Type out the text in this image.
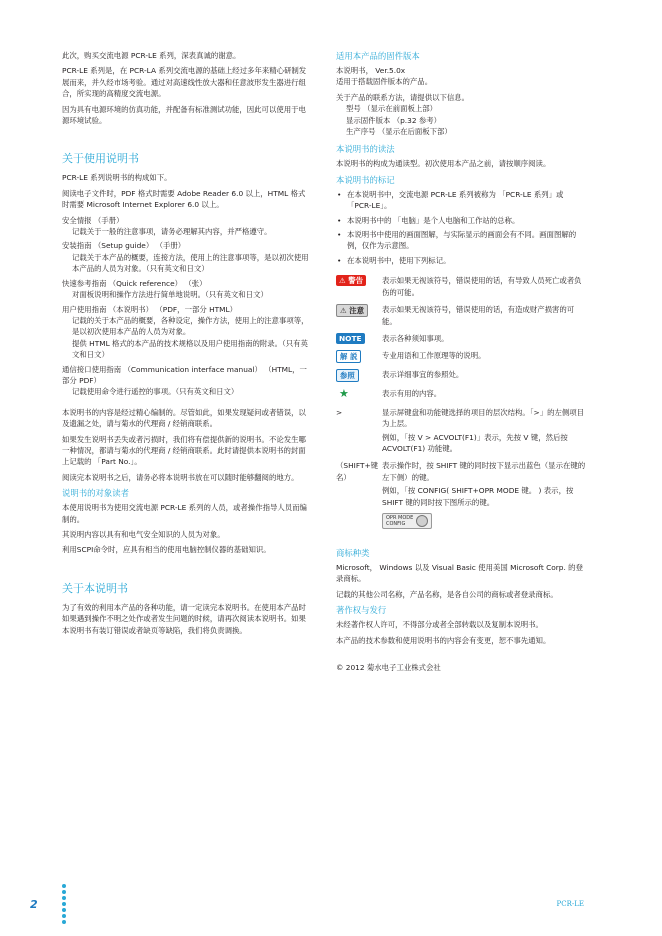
此次，购买交流电源 PCR-LE 系列，深表真诚的谢意。

PCR-LE 系列是，在 PCR-LA 系列交流电源的基础上经过多年来精心研制发展而来，并久经市场考验。通过对高速线性放大器和任意波形发生器进行组合，所实现的高精度交流电源。

因为具有电源环境的仿真功能，并配备有标准测试功能，因此可以使用于电源环境试验。

关于使用说明书

PCR-LE 系列说明书的构成如下。

阅读电子文件时，PDF 格式时需要 Adobe Reader 6.0 以上，HTML 格式时需要 Microsoft Internet Explorer 6.0 以上。

安全情报 （手册）
记载关于一般的注意事项，请务必理解其内容，并严格遵守。
安装指南 （Setup guide） （手册）
记载关于本产品的概要，连接方法，使用上的注意事项等，是以初次使用本产品的人员为对象。（只有英文和日文）
快速参考指南 （Quick reference） （张）
对面板说明和操作方法进行简单地说明。（只有英文和日文）
用户使用指南 （本说明书） （PDF，一部分 HTML）
记载的关于本产品的概要，各种设定，操作方法，使用上的注意事项等，是以初次使用本产品的人员为对象。
提供 HTML 格式的本产品的技术规格以及用户使用指南的附录。（只有英文和日文）
通信接口使用指南 （Communication interface manual） （HTML，一部分 PDF）
记载使用命令进行遥控的事项。（只有英文和日文）

本说明书的内容是经过精心编制的。尽管如此，如果发现疑问或者错误，以及遗漏之处，请与菊水的代理商 / 经销商联系。

如果发生说明书丢失或者污损时，我们将有偿提供新的说明书。不论发生哪一种情况，都请与菊水的代理商 / 经销商联系。此时请提供本说明书的封面上记载的 「Part No.」。

阅读完本说明书之后，请务必将本说明书放在可以随时能够翻阅的地方。

说明书的对象读者

本使用说明书为使用交流电源 PCR-LE 系列的人员，或者操作指导人员而编制的。

其说明内容以具有和电气安全知识的人员为对象。

利用SCPI命令时，应具有相当的使用电脑控制仪器的基础知识。

关于本说明书

为了有效的利用本产品的各种功能，请一定读完本说明书。在使用本产品时如果遇到操作不明之处作或者发生问题的时候，请再次阅读本说明书。如果本说明书有装订错误或者缺页等缺陷，我们将负责调换。

适用本产品的固件版本
本说明书， Ver.5.0x

适用于搭载固件版本的产品。

关于产品的联系方法，请提供以下信息。
型号 （显示在前面板上部）
显示固件版本 （p.32 参考）
生产序号 （显示在后面板下部）
本说明书的读法

本说明书的构成为通读型。初次使用本产品之前，请按顺序阅读。

本说明书的标记
• 在本说明书中，交流电源 PCR-LE 系列被称为 「PCR-LE 系列」或 「PCR-LE」。
• 本说明书中的 「电脑」是个人电脑和工作站的总称。
• 本说明书中使用的画面图解，与实际显示的画面会有不同。画面图解的例，仅作为示意图。
• 在本说明书中，使用下列标记。
⚠ 警告	表示如果无视该符号，错误使用的话，有导致人员死亡或者负伤的可能。
⚠ 注意	表示如果无视该符号，错误使用的话，有造成财产损害的可能。
NOTE	表示各种须知事项。
解 説	专业用语和工作原理等的说明。
参照	表示详细事宜的参照处。
★	表示有用的内容。
>	显示屏键盘和功能键选择的项目的层次结构。「>」的左侧项目为上层。
例如，「按 V > ACVOLT(F1)」表示，先按 V 键，然后按 ACVOLT(F1) 功能键。
（SHIFT+键名）
表示操作时，按 SHIFT 键的同时按下显示出蓝色（显示在键的左下侧）的键。
例如，「按 CONFIG( SHIFT+OPR MODE 键。 ) 表示，按 SHIFT 键的同时按下图所示的键。
OPR MODE
CONFIG
商标种类

Microsoft， Windows 以及 Visual Basic 使用美国 Microsoft Corp. 的登录商标。

记载的其他公司名称，产品名称，是各自公司的商标或者登录商标。

著作权与发行

未经著作权人许可，不得部分或者全部转载以及复制本说明书。

本产品的技术参数和使用说明书的内容会有变更，恕不事先通知。

© 2012 菊水电子工业株式会社
2	PCR-LE
